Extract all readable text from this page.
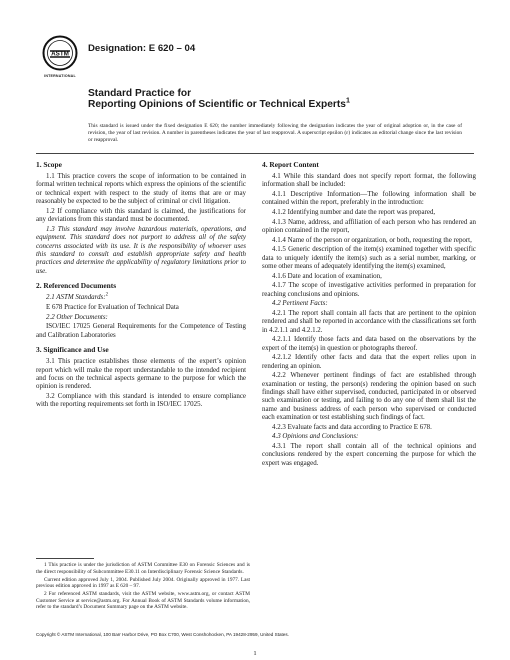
ASTM
INTERNATIONAL
Designation: E 620 – 04
Standard Practice for
Reporting Opinions of Scientific or Technical Experts$^1$
This standard is issued under the fixed designation E 620; the number immediately following the designation indicates the year of original adoption or, in the case of revision, the year of last revision. A number in parentheses indicates the year of last reapproval. A superscript epsilon (ε) indicates an editorial change since the last revision or reapproval.
1. Scope

1.1 This practice covers the scope of information to be contained in formal written technical reports which express the opinions of the scientific or technical expert with respect to the study of items that are or may reasonably be expected to be the subject of criminal or civil litigation.

1.2 If compliance with this standard is claimed, the justifications for any deviations from this standard must be documented.

1.3 This standard may involve hazardous materials, operations, and equipment. This standard does not purport to address all of the safety concerns associated with its use. It is the responsibility of whoever uses this standard to consult and establish appropriate safety and health practices and determine the applicability of regulatory limitations prior to use.

2. Referenced Documents

2.1 ASTM Standards:$^2$

E 678 Practice for Evaluation of Technical Data

2.2 Other Documents:

ISO/IEC 17025 General Requirements for the Competence of Testing and Calibration Laboratories

3. Significance and Use

3.1 This practice establishes those elements of the expert’s opinion report which will make the report understandable to the intended recipient and focus on the technical aspects germane to the purpose for which the opinion is rendered.

3.2 Compliance with this standard is intended to ensure compliance with the reporting requirements set forth in ISO/IEC 17025.

1 This practice is under the jurisdiction of ASTM Committee E30 on Forensic Sciences and is the direct responsibility of Subcommittee E30.11 on Interdisciplinary Forensic Science Standards.

Current edition approved July 1, 2004. Published July 2004. Originally approved in 1977. Last previous edition approved in 1997 as E 620 – 97.

2 For referenced ASTM standards, visit the ASTM website, www.astm.org, or contact ASTM Customer Service at service@astm.org. For Annual Book of ASTM Standards volume information, refer to the standard’s Document Summary page on the ASTM website.

4. Report Content

4.1 While this standard does not specify report format, the following information shall be included:

4.1.1 Descriptive Information—The following information shall be contained within the report, preferably in the introduction:

4.1.2 Identifying number and date the report was prepared,

4.1.3 Name, address, and affiliation of each person who has rendered an opinion contained in the report,

4.1.4 Name of the person or organization, or both, requesting the report,

4.1.5 Generic description of the item(s) examined together with specific data to uniquely identify the item(s) such as a serial number, marking, or some other means of adequately identifying the item(s) examined,

4.1.6 Date and location of examination,

4.1.7 The scope of investigative activities performed in preparation for reaching conclusions and opinions.

4.2 Pertinent Facts:

4.2.1 The report shall contain all facts that are pertinent to the opinion rendered and shall be reported in accordance with the classifications set forth in 4.2.1.1 and 4.2.1.2.

4.2.1.1 Identify those facts and data based on the observations by the expert of the item(s) in question or photographs thereof.

4.2.1.2 Identify other facts and data that the expert relies upon in rendering an opinion.

4.2.2 Whenever pertinent findings of fact are established through examination or testing, the person(s) rendering the opinion based on such findings shall have either supervised, conducted, participated in or observed such examination or testing, and failing to do any one of them shall list the name and business address of each person who supervised or conducted each examination or test establishing such findings of fact.

4.2.3 Evaluate facts and data according to Practice E 678.

4.3 Opinions and Conclusions:

4.3.1 The report shall contain all of the technical opinions and conclusions rendered by the expert concerning the purpose for which the expert was engaged.

Copyright © ASTM International, 100 Barr Harbor Drive, PO Box C700, West Conshohocken, PA 19428-2959, United States.
1
